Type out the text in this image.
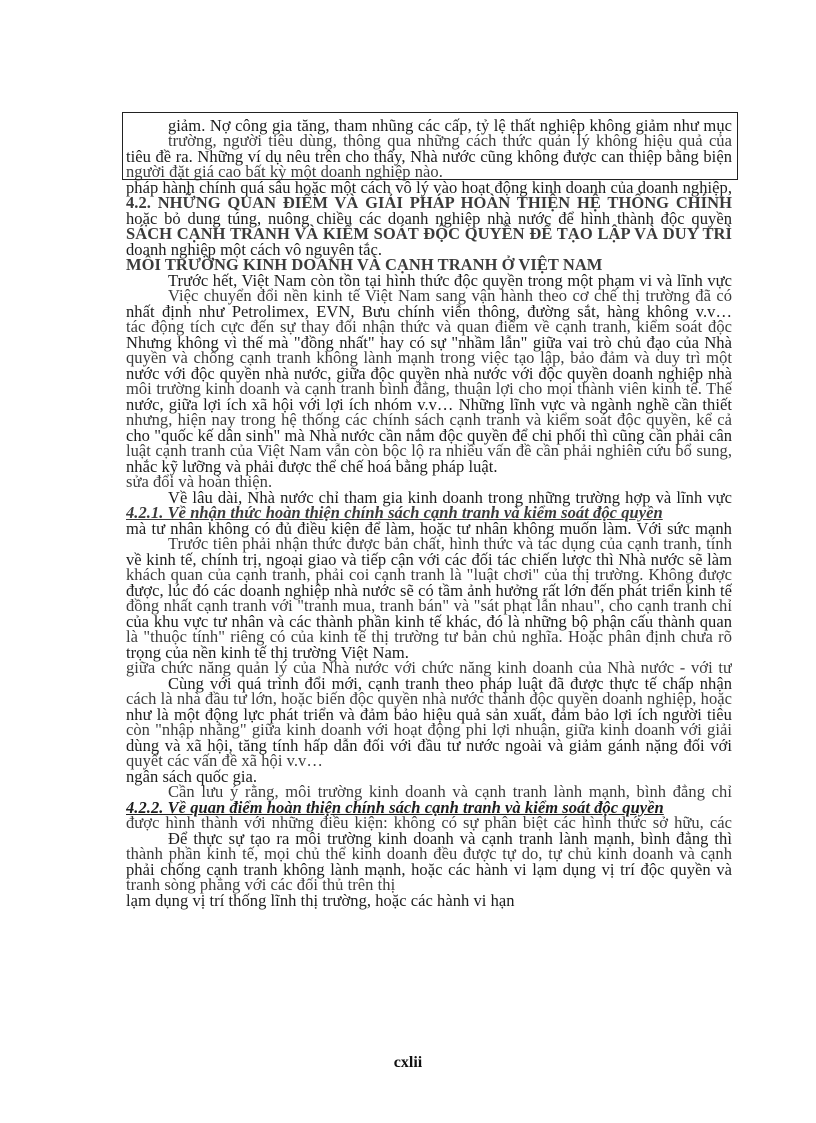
giảm. Nợ công gia tăng, tham nhũng các cấp, tỷ lệ thất nghiệp không giảm như mục tiêu đề ra. Những ví dụ nêu trên cho thấy, Nhà nước cũng không được can thiệp bằng biện pháp hành chính quá sâu hoặc một cách vô lý vào hoạt động kinh doanh của doanh nghiệp, hoặc bỏ dung túng, nuông chiều các doanh nghiệp nhà nước để hình thành độc quyền doanh nghiệp một cách vô nguyên tắc.

Trước hết, Việt Nam còn tồn tại hình thức độc quyền trong một phạm vi và lĩnh vực nhất định như Petrolimex, EVN, Bưu chính viễn thông, đường sắt, hàng không v.v… Nhưng không vì thế mà "đồng nhất" hay có sự "nhầm lẫn" giữa vai trò chủ đạo của Nhà nước với độc quyền nhà nước, giữa độc quyền nhà nước với độc quyền doanh nghiệp nhà nước, giữa lợi ích xã hội với lợi ích nhóm v.v… Những lĩnh vực và ngành nghề cần thiết cho "quốc kế dân sinh" mà Nhà nước cần nắm độc quyền để chi phối thì cũng cần phải cân nhắc kỹ lưỡng và phải được thể chế hoá bằng pháp luật.

Về lâu dài, Nhà nước chỉ tham gia kinh doanh trong những trường hợp và lĩnh vực mà tư nhân không có đủ điều kiện để làm, hoặc tư nhân không muốn làm. Với sức mạnh về kinh tế, chính trị, ngoại giao và tiếp cận với các đối tác chiến lược thì Nhà nước sẽ làm được, lúc đó các doanh nghiệp nhà nước sẽ có tầm ảnh hưởng rất lớn đến phát triển kinh tế của khu vực tư nhân và các thành phần kinh tế khác, đó là những bộ phận cấu thành quan trọng của nền kinh tế thị trường Việt Nam.

Cùng với quá trình đổi mới, cạnh tranh theo pháp luật đã được thực tế chấp nhận như là một động lực phát triển và đảm bảo hiệu quả sản xuất, đảm bảo lợi ích người tiêu dùng và xã hội, tăng tính hấp dẫn đối với đầu tư nước ngoài và giảm gánh nặng đối với ngân sách quốc gia.

4.2.2. Về quan điểm hoàn thiện chính sách cạnh tranh và kiểm soát độc quyền

Để thực sự tạo ra môi trường kinh doanh và cạnh tranh lành mạnh, bình đẳng thì phải chống cạnh tranh không lành mạnh, hoặc các hành vi lạm dụng vị trí độc quyền và lạm dụng vị trí thống lĩnh thị trường, hoặc các hành vi hạn

trường, người tiêu dùng, thông qua những cách thức quản lý không hiệu quả của người đặt giá cao bất kỳ một doanh nghiệp nào.

4.2. NHỮNG QUAN ĐIỂM VÀ GIẢI PHÁP HOÀN THIỆN HỆ THỐNG CHÍNH SÁCH CẠNH TRANH VÀ KIỂM SOÁT ĐỘC QUYỀN ĐỂ TẠO LẬP VÀ DUY TRÌ MÔI TRƯỜNG KINH DOANH VÀ CẠNH TRANH Ở VIỆT NAM

Việc chuyển đổi nền kinh tế Việt Nam sang vận hành theo cơ chế thị trường đã có tác động tích cực đến sự thay đổi nhận thức và quan điểm về cạnh tranh, kiểm soát độc quyền và chống cạnh tranh không lành mạnh trong việc tạo lập, bảo đảm và duy trì một môi trường kinh doanh và cạnh tranh bình đẳng, thuận lợi cho mọi thành viên kinh tế. Thế nhưng, hiện nay trong hệ thống các chính sách cạnh tranh và kiểm soát độc quyền, kể cả luật cạnh tranh của Việt Nam vẫn còn bộc lộ ra nhiều vấn đề cần phải nghiên cứu bổ sung, sửa đổi và hoàn thiện.

4.2.1. Về nhận thức hoàn thiện chính sách cạnh tranh và kiểm soát độc quyền

Trước tiên phải nhận thức được bản chất, hình thức và tác dụng của cạnh tranh, tính khách quan của cạnh tranh, phải coi cạnh tranh là "luật chơi" của thị trường. Không được đồng nhất cạnh tranh với "tranh mua, tranh bán" và "sát phạt lẫn nhau", cho cạnh tranh chỉ là "thuộc tính" riêng có của kinh tế thị trường tư bản chủ nghĩa. Hoặc phân định chưa rõ giữa chức năng quản lý của Nhà nước với chức năng kinh doanh của Nhà nước - với tư cách là nhà đầu tư lớn, hoặc biến độc quyền nhà nước thành độc quyền doanh nghiệp, hoặc còn "nhập nhằng" giữa kinh doanh với hoạt động phi lợi nhuận, giữa kinh doanh với giải quyết các vấn đề xã hội v.v…

Cần lưu ý rằng, môi trường kinh doanh và cạnh tranh lành mạnh, bình đẳng chỉ được hình thành với những điều kiện: không có sự phân biệt các hình thức sở hữu, các thành phần kinh tế, mọi chủ thể kinh doanh đều được tự do, tự chủ kinh doanh và cạnh tranh sòng phẳng với các đối thủ trên thị

cxlii
